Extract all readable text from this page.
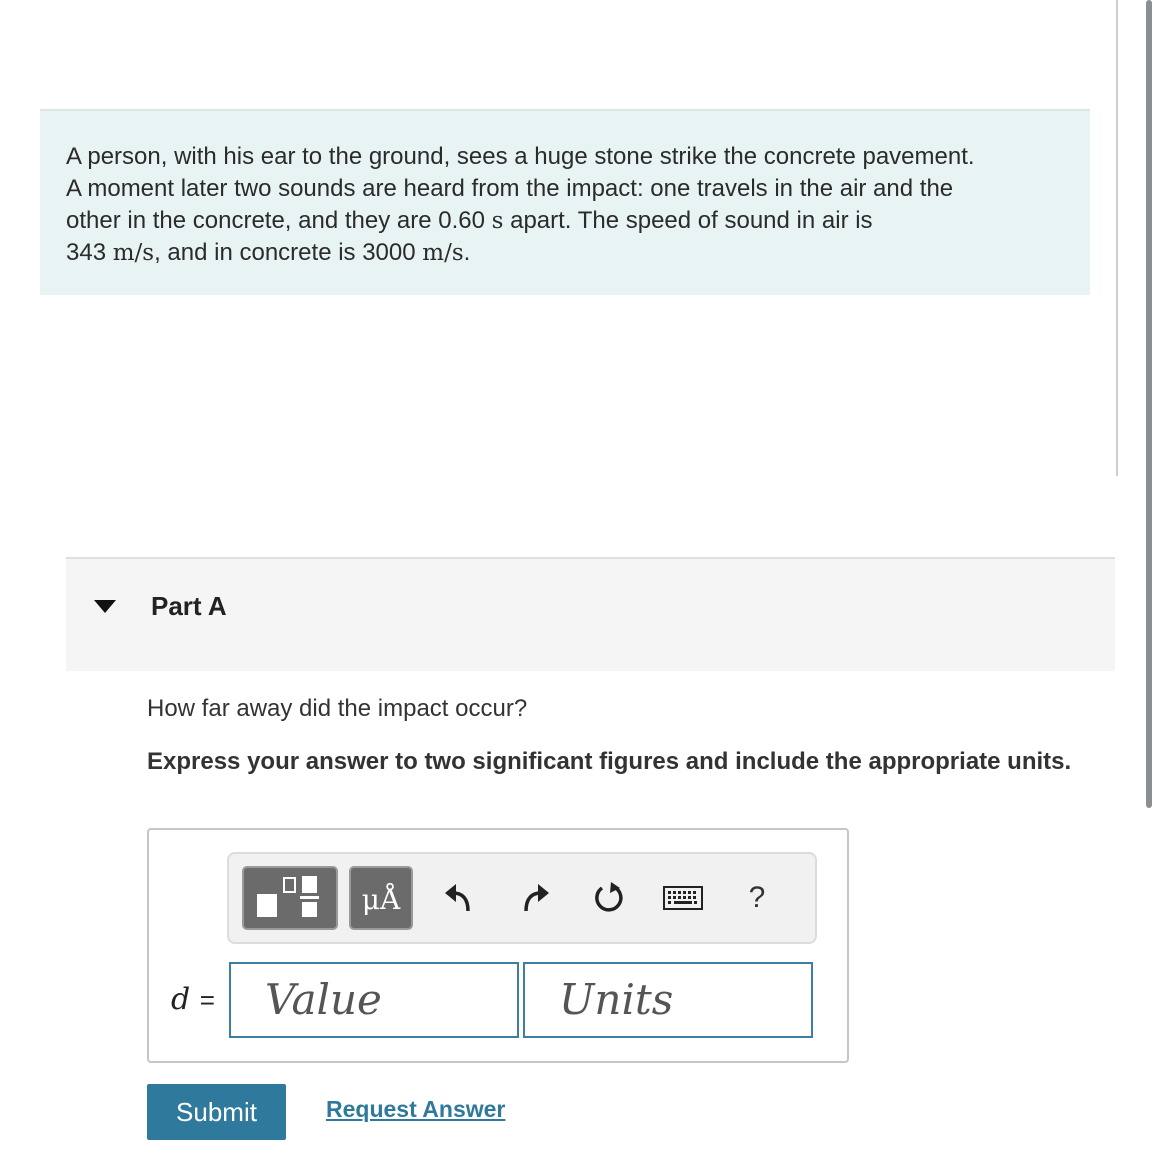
A person, with his ear to the ground, sees a huge stone strike the concrete pavement.
A moment later two sounds are heard from the impact: one travels in the air and the
other in the concrete, and they are 0.60 s apart. The speed of sound in air is
343 m/s, and in concrete is 3000 m/s.

Part A
How far away did the impact occur?
Express your answer to two significant figures and include the appropriate units.
μÅ	?
d =	Value	Units
Submit	Request Answer
